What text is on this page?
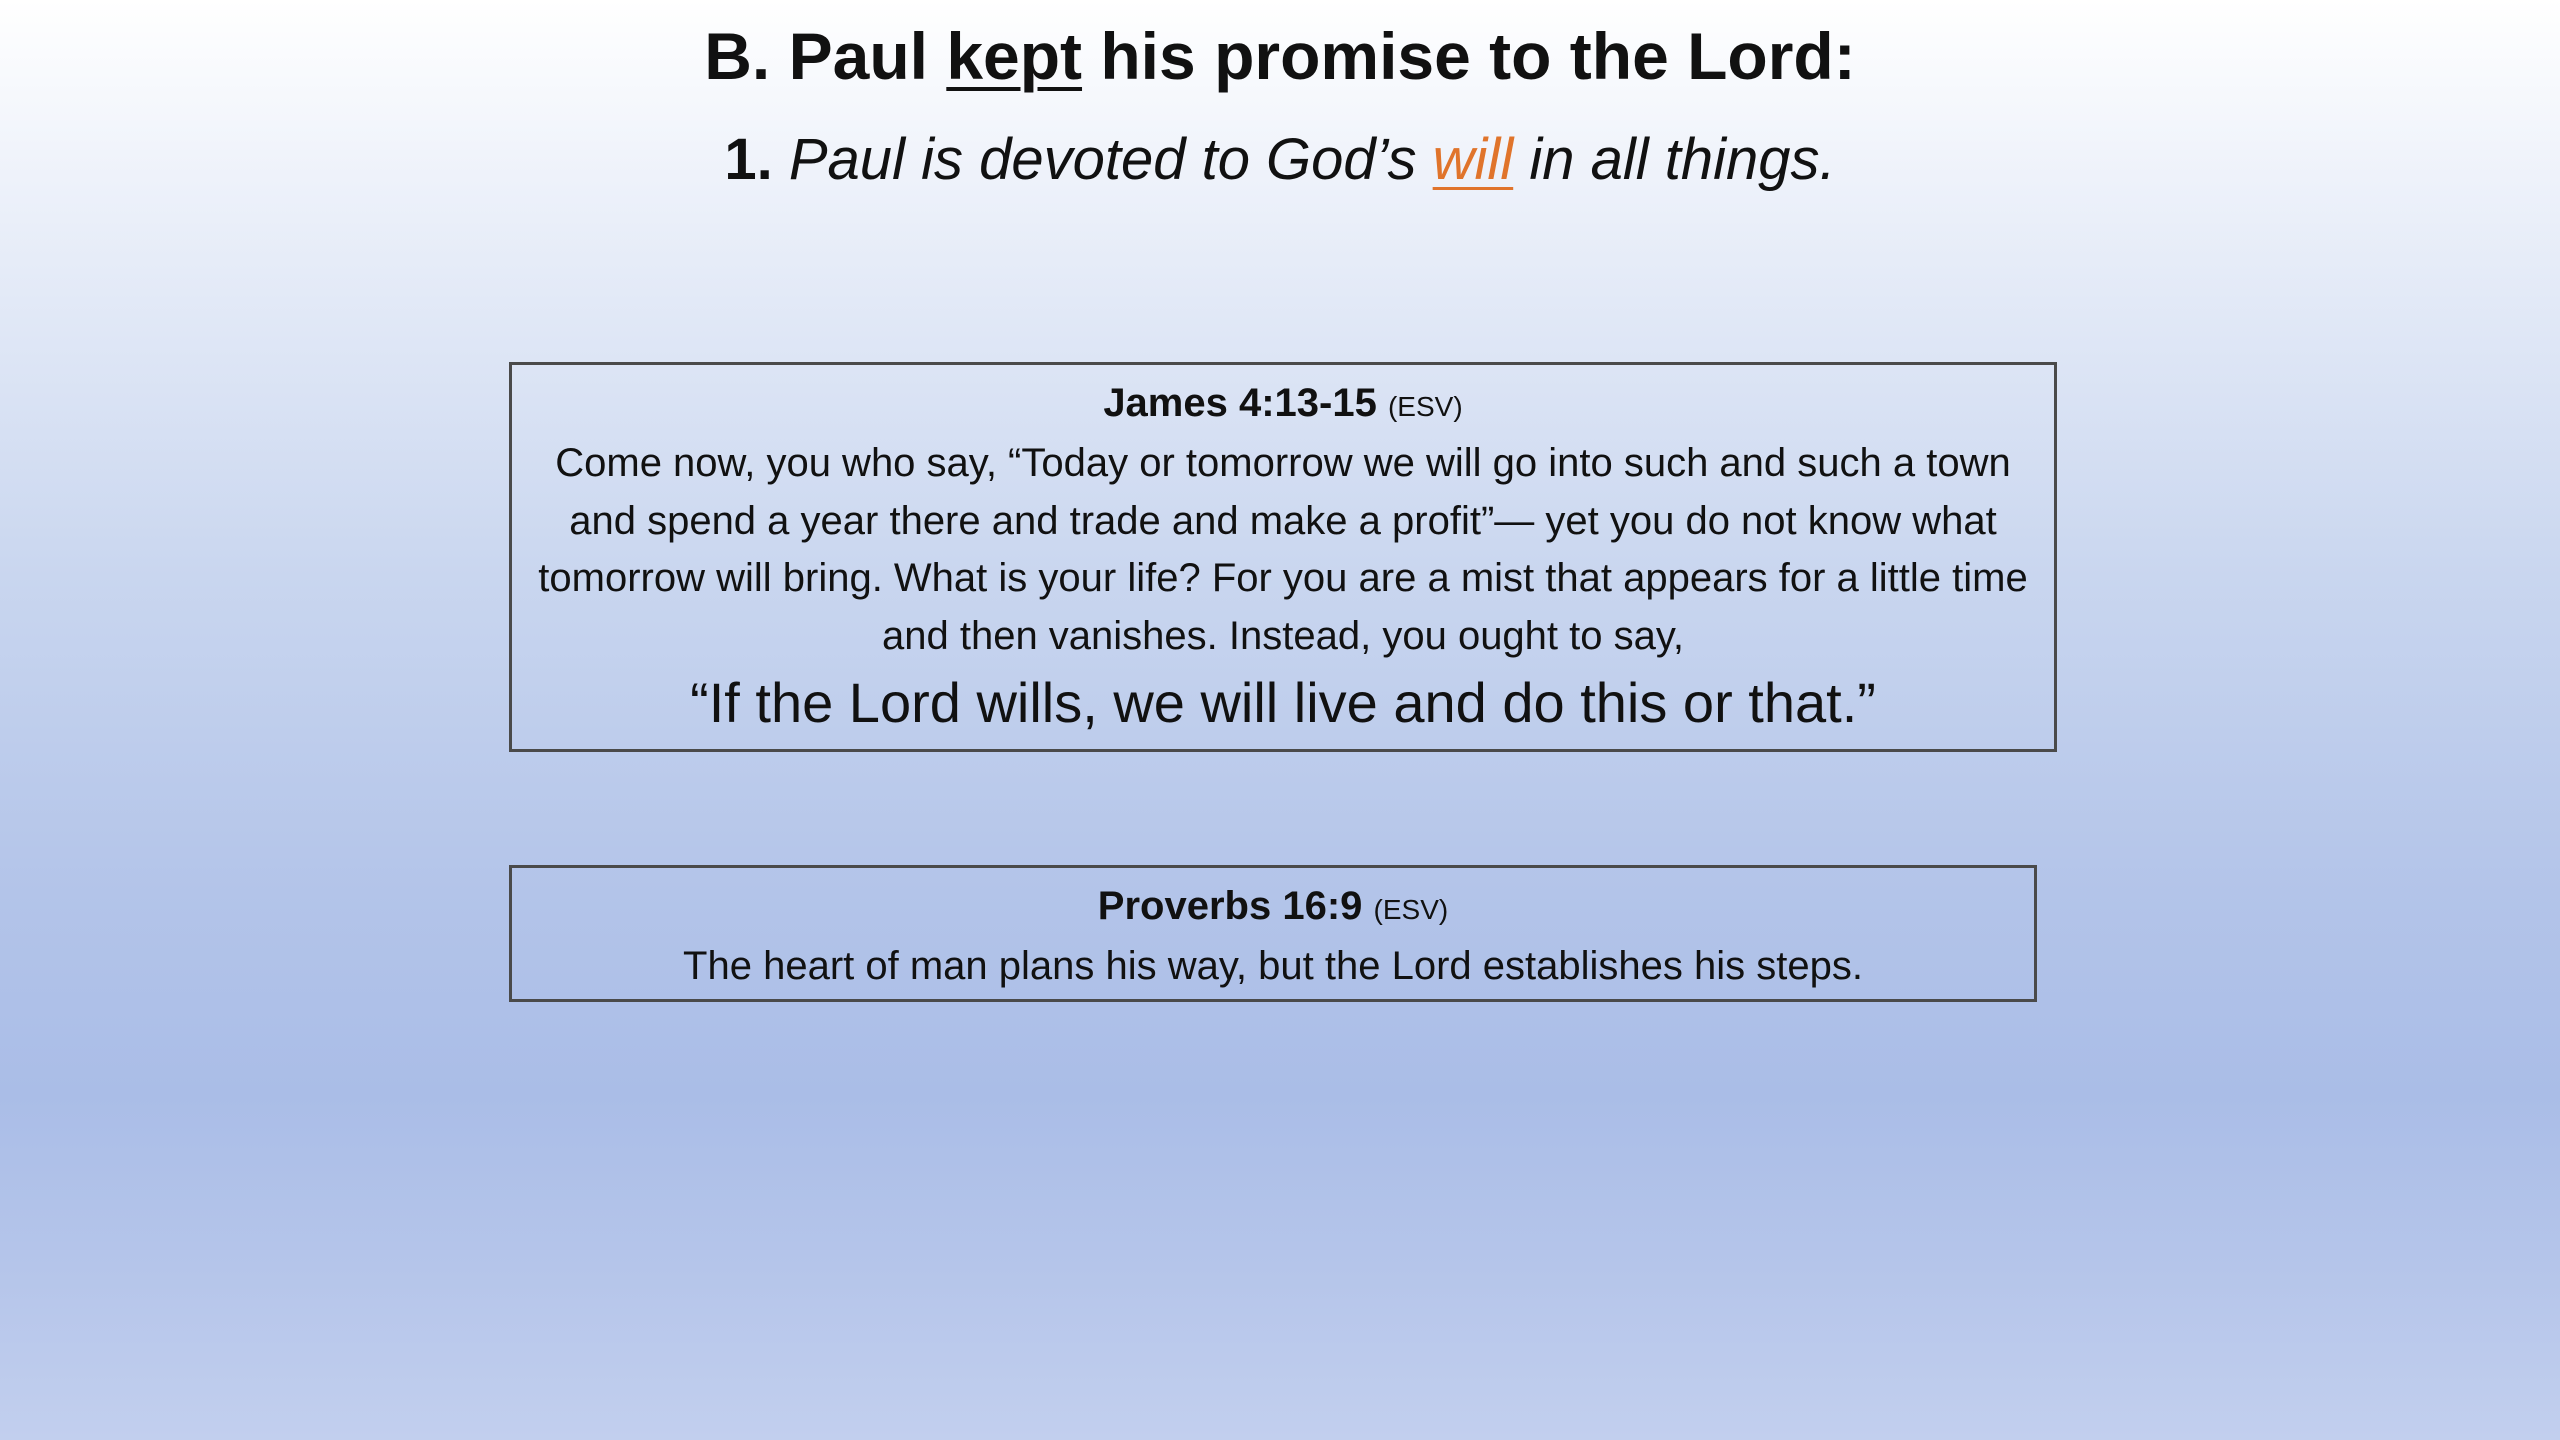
B. Paul kept his promise to the Lord:
1. Paul is devoted to God’s will in all things.
James 4:13-15 (ESV)
Come now, you who say, “Today or tomorrow we will go into such and such a town and spend a year there and trade and make a profit”— yet you do not know what tomorrow will bring. What is your life? For you are a mist that appears for a little time and then vanishes. Instead, you ought to say,
“If the Lord wills, we will live and do this or that.”
Proverbs 16:9 (ESV)
The heart of man plans his way, but the Lord establishes his steps.
